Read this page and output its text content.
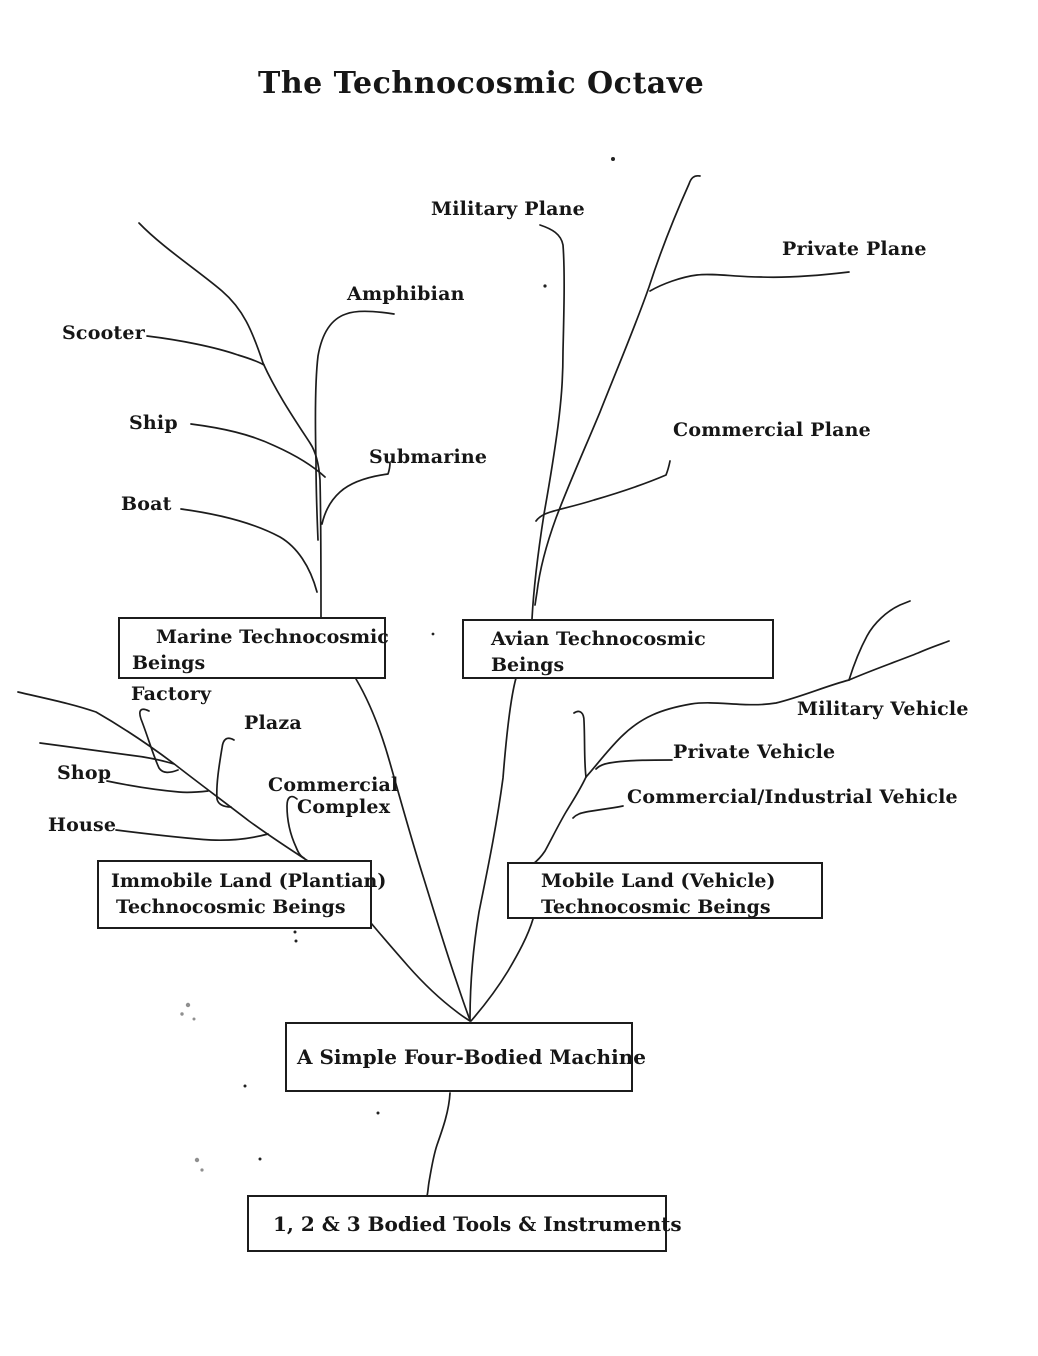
The Technocosmic Octave
Scooter
Ship
Boat
Amphibian
Submarine
Military Plane
Private Plane
Commercial Plane
Factory
Plaza
Shop
House
Commercial
Complex
Military Vehicle
Private Vehicle
Commercial/Industrial Vehicle
Marine Technocosmic
Beings
Avian Technocosmic
Beings
Immobile Land (Plantian)
Technocosmic Beings
Mobile Land (Vehicle)
Technocosmic Beings
A Simple Four-Bodied Machine
1, 2 & 3 Bodied Tools & Instruments
